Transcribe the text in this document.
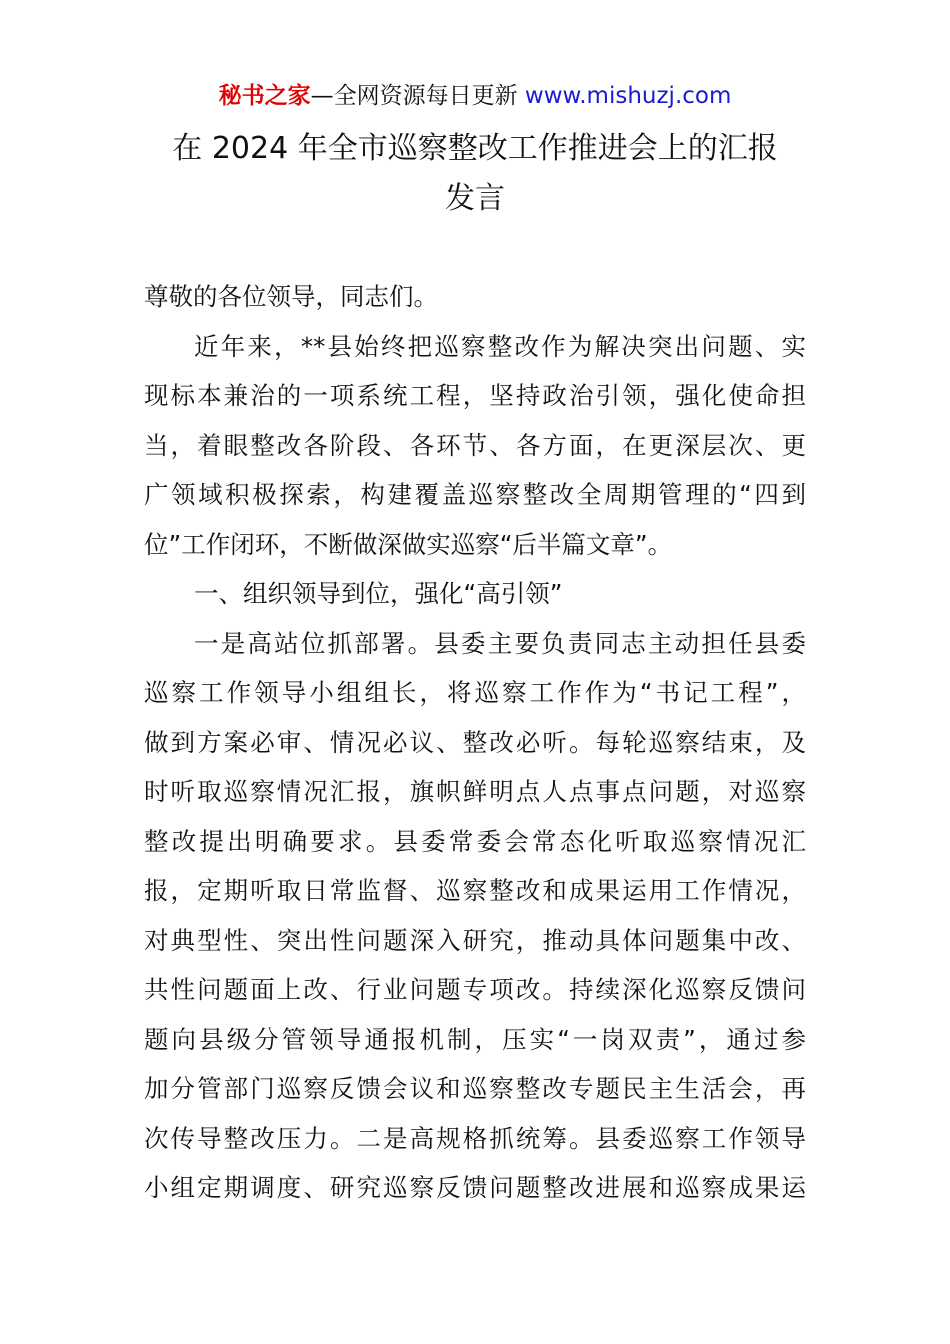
秘书之家—全网资源每日更新 www.mishuzj.com
在 2024 年全市巡察整改工作推进会上的汇报
发言
尊敬的各位领导，同志们。
近年来，**县始终把巡察整改作为解决突出问题、实
现标本兼治的一项系统工程，坚持政治引领，强化使命担
当，着眼整改各阶段、各环节、各方面，在更深层次、更
广领域积极探索，构建覆盖巡察整改全周期管理的“四到
位”工作闭环，不断做深做实巡察“后半篇文章”。
一、组织领导到位，强化“高引领”
一是高站位抓部署。县委主要负责同志主动担任县委
巡察工作领导小组组长，将巡察工作作为“书记工程”，
做到方案必审、情况必议、整改必听。每轮巡察结束，及
时听取巡察情况汇报，旗帜鲜明点人点事点问题，对巡察
整改提出明确要求。县委常委会常态化听取巡察情况汇
报，定期听取日常监督、巡察整改和成果运用工作情况，
对典型性、突出性问题深入研究，推动具体问题集中改、
共性问题面上改、行业问题专项改。持续深化巡察反馈问
题向县级分管领导通报机制，压实“一岗双责”，通过参
加分管部门巡察反馈会议和巡察整改专题民主生活会，再
次传导整改压力。二是高规格抓统筹。县委巡察工作领导
小组定期调度、研究巡察反馈问题整改进展和巡察成果运
